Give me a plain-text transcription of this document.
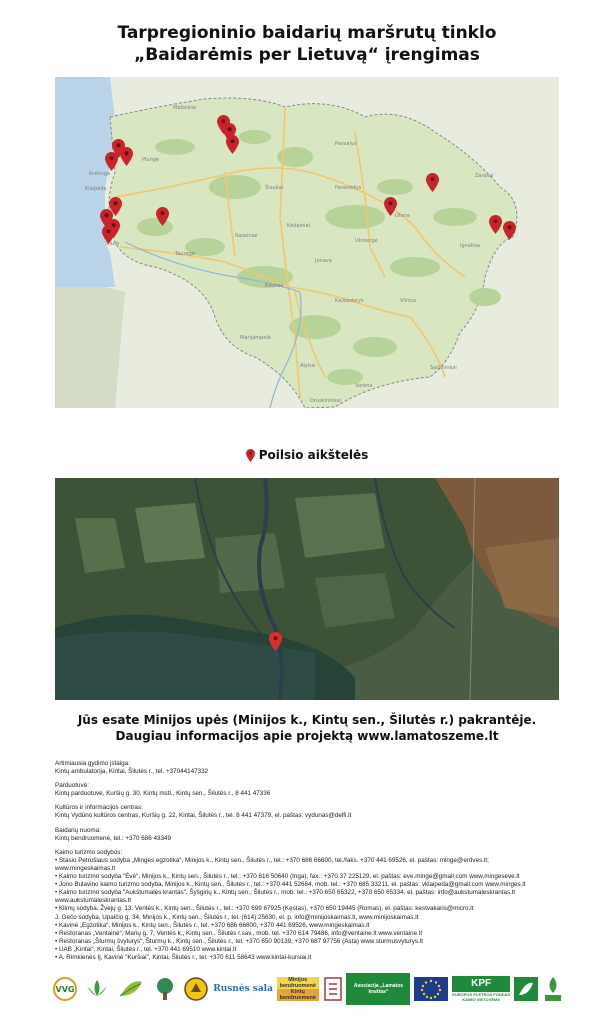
Tarpregioninio baidarių maršrutų tinklo
„Baidarėmis per Lietuvą“ įrengimas
Mažeikiai
Pasvalys
Plungė
Kretinga
Klaipėda	Šiauliai	Panevėžys
Utena
Šilutė
Tauragė
Raseiniai
Jonava
Kaunas
Kaišiadorys	Vilnius
Marijampolė
Alytus
Varėna
Druskininkai
Šalčininkai
Zarasai
Ignalina
Kėdainiai
Ukmergė
Poilsio aikštelės
Jūs esate Minijos upės (Minijos k., Kintų sen., Šilutės r.) pakrantėje.
Daugiau informacijos apie projektą www.lamatoszeme.lt
Artimiausia gydimo įstaiga:
Kintų ambulatorija, Kintai, Šilutės r., tel. +37044147332
Parduotuvė:
Kintų parduotuvė, Kuršių g. 30, Kintų mstl., Kintų sen., Šilutės r., 8 441 47336
Kultūros ir informacijos centras:
Kintų Vydūno kultūros centras, Kuršių g. 22, Kintai, Šilutės r., tel. 8 441 47379, el. paštas: vydunas@delfi.lt
Baidarių nuoma:
Kintų bendruomenė, tel.: +370 686 43349
Kaimo turizmo sodybos:
• Stasio Petrošiaus sodyba „Minges egzotika“, Minijos k., Kintų sen., Šilutės r., tel.: +370 686 66600, tel./faks. +370 441 69526, el. paštas: minge@erdves.lt;
www.mingeskaimas.lt
• Kaimo turizmo sodyba "Ėvė", Minijos k., Kintų sen., Šilutės r., tel.: +370 616 50640 (Inga), fax.: +370 37 225129, el. paštas: eve.minge@gmail.com www.mingeseve.lt
• Jono Bulavino kaimo turizmo sodyba, Minijos k., Kintų sen., Šilutės r., tel.: +370 441 52684, mob. tel.: +370 685 33211, el. paštas: vklaipeda@gmail.com www.minges.lt
• Kaimo turizmo sodyba "Aukštumalės krantas", Šyšgirių k., Kintų sen., Šilutės r., mob. tel.: +370 650 65322, +370 650 65334, el. paštas: info@aukstumaleskrantas.lt
www.aukstumaleskrantas.lt
• Klimų sodyba, Žvejų g. 13, Ventės k., Kintų sen., Šilutės r., tel.: +370 699 67925 (Kęstas), +370 650 19445 (Romas), el. paštas: kestvakaris@micro.lt
J. Gečo sodyba, Upalčio g. 34, Minijos k., Kintų sen., Šilutės r., tel. (614) 25630, el. p. info@minijoskaimas.lt, www.minijoskaimas.lt
• Kavinė „Egzotika“, Minijos k., Kintų sen., Šilutės r., tel. +370 686 66600, +370 441 69526, www.mingeskaimas.lt
• Restoranas „Ventainė“, Marių g. 7, Ventės k., Kintų sen., Šilutės r.sav., mob. tel. +370 614 79486, info@ventaine.lt www.ventaine.lt
• Restoranas „Šturmų švyturys“, Šturmų k., Kintų sen., Šilutės r., tel. +370 650 90139, +370 687 97756 (Asta) www.sturmusvyturys.lt
• UAB „Kintai“, Kintai, Šilutės r., tel. +370 441 69510 www.kintai.lt
• A. Rimkienės Ij, Kavinė "Kuršiai", Kintai, Šilutės r., tel. +370 611 58643 www.kintai-kursiai.lt
VVG	Rusnės sala
Minijos
bendruomenė
Kintų
bendruomenė
Asociacija „Lamatos kraštas“
KPF
EUROPOS PLĖTROS FONDAS KAIMO VIETOVĖMS
